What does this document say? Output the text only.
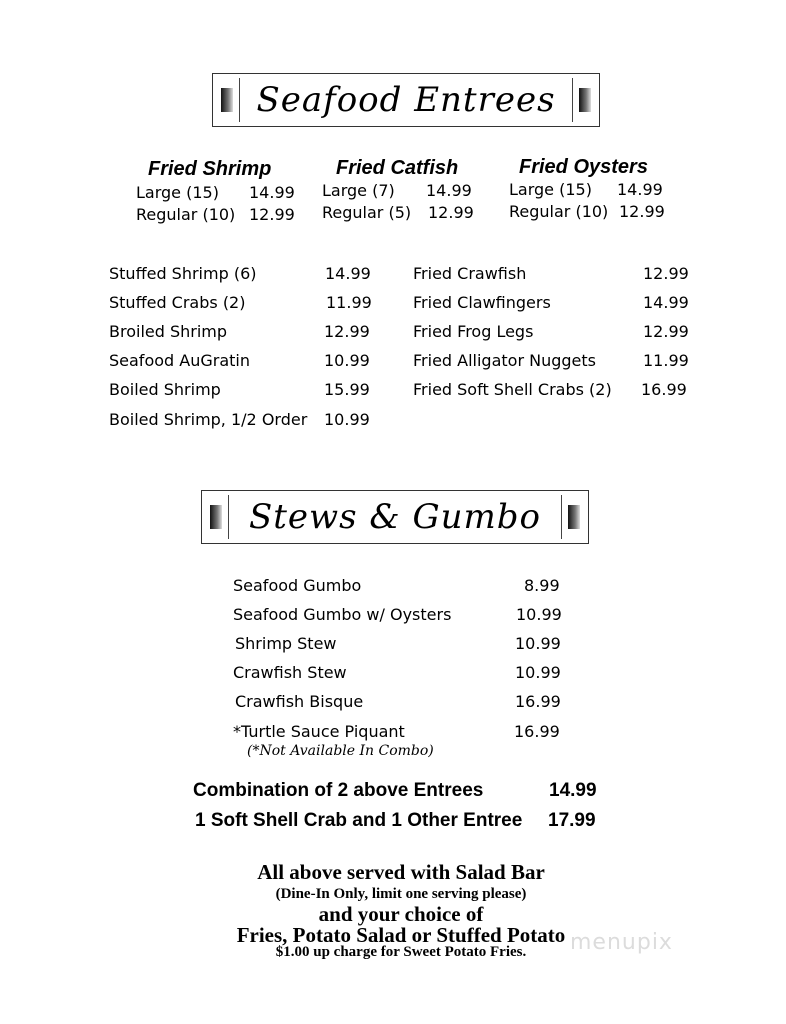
Seafood Entrees
Fried Shrimp
Large (15) 14.99
Regular (10) 12.99
Fried Catfish
Large (7) 14.99
Regular (5) 12.99
Fried Oysters
Large (15) 14.99
Regular (10) 12.99
Stuffed Shrimp (6)	14.99
Stuffed Crabs (2)	11.99
Broiled Shrimp	12.99
Seafood AuGratin	10.99
Boiled Shrimp	15.99
Boiled Shrimp, 1/2 Order 10.99
Fried Crawfish	12.99
Fried Clawfingers	14.99
Fried Frog Legs	12.99
Fried Alligator Nuggets	11.99
Fried Soft Shell Crabs (2) 16.99
Stews & Gumbo
Seafood Gumbo	8.99
Seafood Gumbo w/ Oysters	10.99
Shrimp Stew	10.99
Crawfish Stew	10.99
Crawfish Bisque	16.99
*Turtle Sauce Piquant	16.99
(*Not Available In Combo)
Combination of 2 above Entrees	14.99
1 Soft Shell Crab and 1 Other Entree 17.99
All above served with Salad Bar
(Dine-In Only, limit one serving please)
and your choice of
Fries, Potato Salad or Stuffed Potato
$1.00 up charge for Sweet Potato Fries.	menupix
